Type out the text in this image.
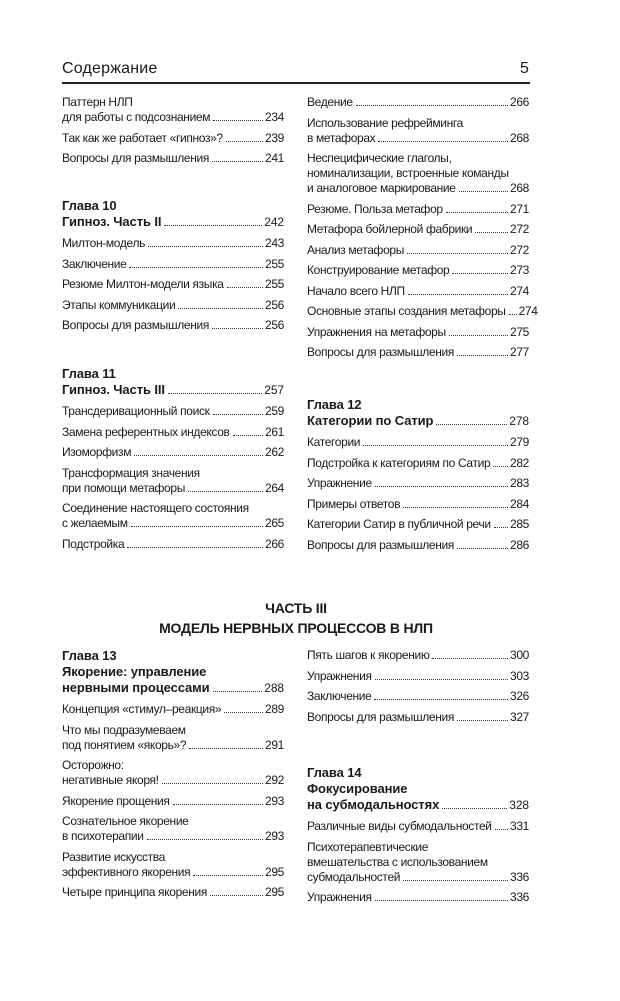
Содержание	5
ЧАСТЬ III
МОДЕЛЬ НЕРВНЫХ ПРОЦЕССОВ В НЛП
Паттерн НЛП
для работы с подсознанием	234
Так как же работает «гипноз»?	239
Вопросы для размышления	241
Глава 10
Гипноз. Часть II	242
Милтон-модель	243
Заключение	255
Резюме Милтон-модели языка	255
Этапы коммуникации	256
Вопросы для размышления	256
Глава 11
Гипноз. Часть III	257
Трансдеривационный поиск	259
Замена референтных индексов	261
Изоморфизм	262
Трансформация значения
при помощи метафоры	264
Соединение настоящего состояния
с желаемым	265
Подстройка	266
Глава 13
Якорение: управление
нервными процессами	288
Концепция «стимул–реакция»	289
Что мы подразумеваем
под понятием «якорь»?	291
Осторожно:
негативные якоря!	292
Якорение прощения	293
Сознательное якорение
в психотерапии	293
Развитие искусства
эффективного якорения	295
Четыре принципа якорения	295
Ведение	266
Использование рефрейминга
в метафорах	268
Неспецифические глаголы,
номинализации, встроенные команды
и аналоговое маркирование	268
Резюме. Польза метафор	271
Метафора бойлерной фабрики	272
Анализ метафоры	272
Конструирование метафор	273
Начало всего НЛП	274
Основные этапы создания метафоры 274
Упражнения на метафоры	275
Вопросы для размышления	277
Глава 12
Категории по Сатир	278
Категории	279
Подстройка к категориям по Сатир 282
Упражнение	283
Примеры ответов	284
Категории Сатир в публичной речи 285
Вопросы для размышления	286
Пять шагов к якорению	300
Упражнения	303
Заключение	326
Вопросы для размышления	327
Глава 14
Фокусирование
на субмодальностях	328
Различные виды субмодальностей 331
Психотерапевтические
вмешательства с использованием
субмодальностей	336
Упражнения	336
